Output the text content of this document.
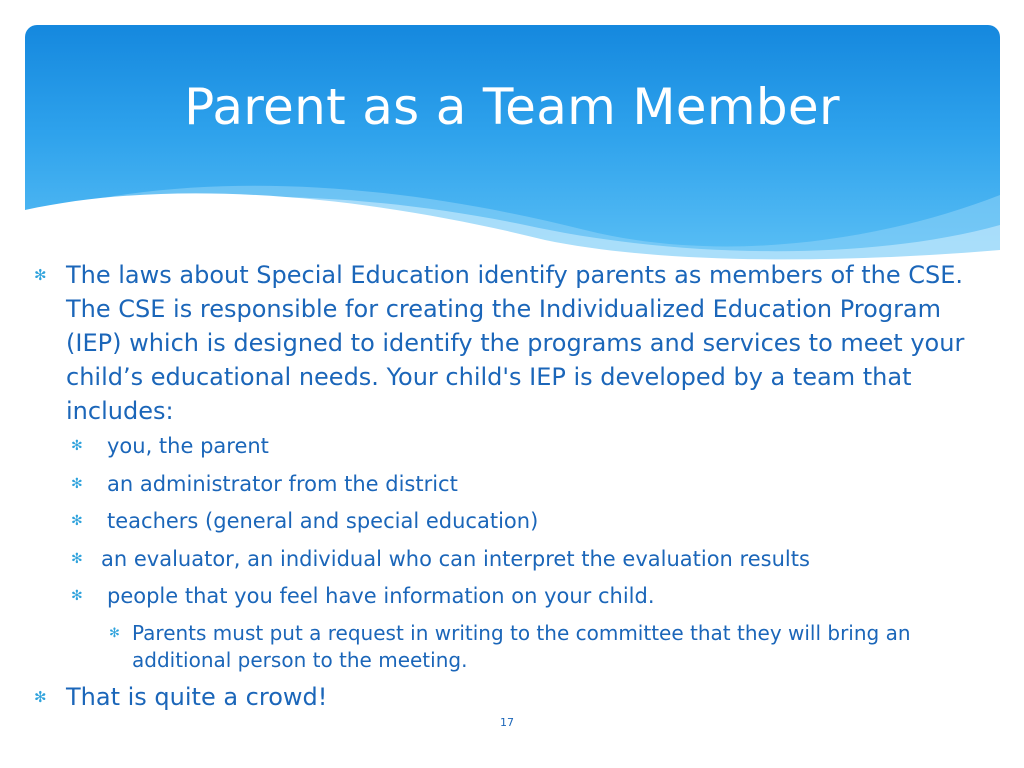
Parent as a Team Member
✻ The laws about Special Education identify parents as members of the CSE. The CSE is responsible for creating the Individualized Education Program (IEP) which is designed to identify the programs and services to meet your child’s educational needs. Your child's IEP is developed by a team that includes:
✻ you, the parent
✻ an administrator from the district
✻ teachers (general and special education)
✻ an evaluator, an individual who can interpret the evaluation results
✻ people that you feel have information on your child.
✻ Parents must put a request in writing to the committee that they will bring an additional person to the meeting.
✻ That is quite a crowd!
17
